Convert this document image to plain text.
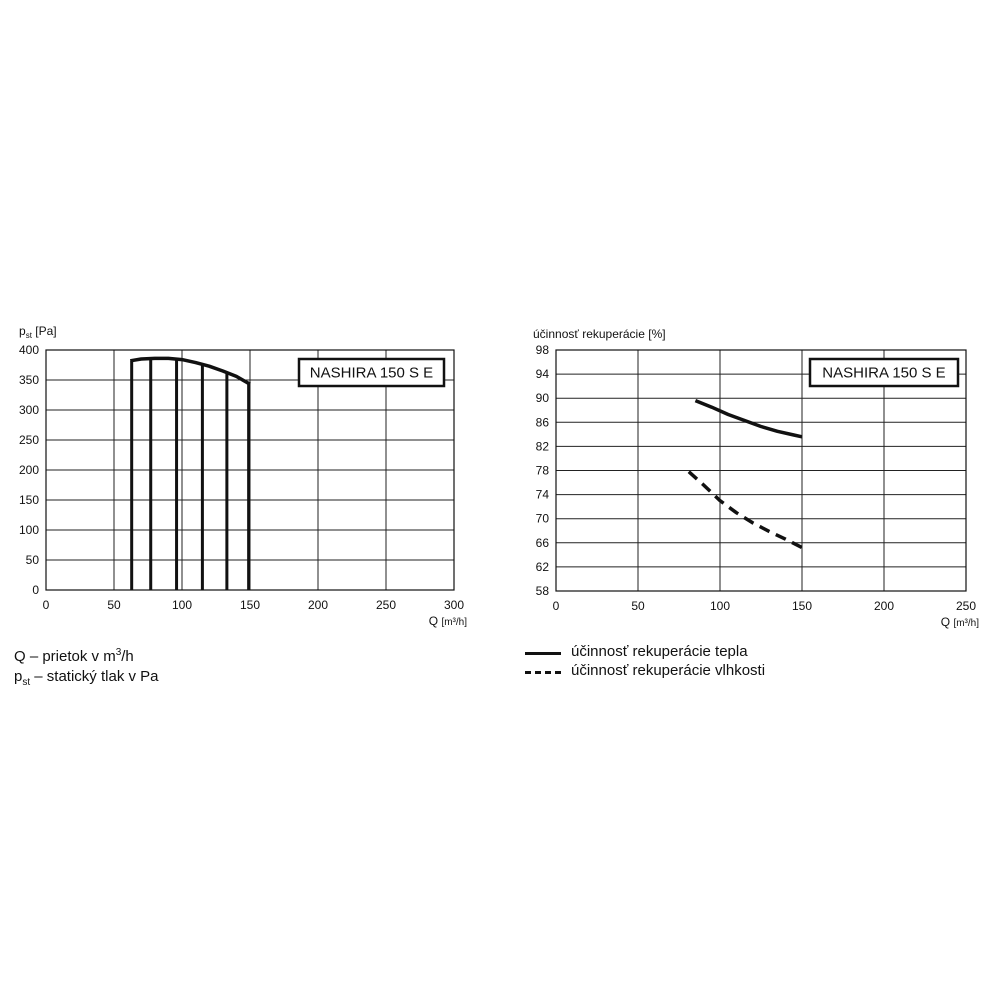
0	50	100	150	200	250	300
0
50
100
150
200
250
300
350
400
Q [m³/h]
$p_{st}$ [Pa]
NASHIRA 150 S E
0	50	100	150	200	250
58
62
66
70
74
78
82
86
90
94
98
Q [m³/h]
účinnosť rekuperácie [%]
NASHIRA 150 S E
Q – prietok v $m^3/h$
$p_{st}$ – statický tlak v Pa
účinnosť rekuperácie tepla
účinnosť rekuperácie vlhkosti
